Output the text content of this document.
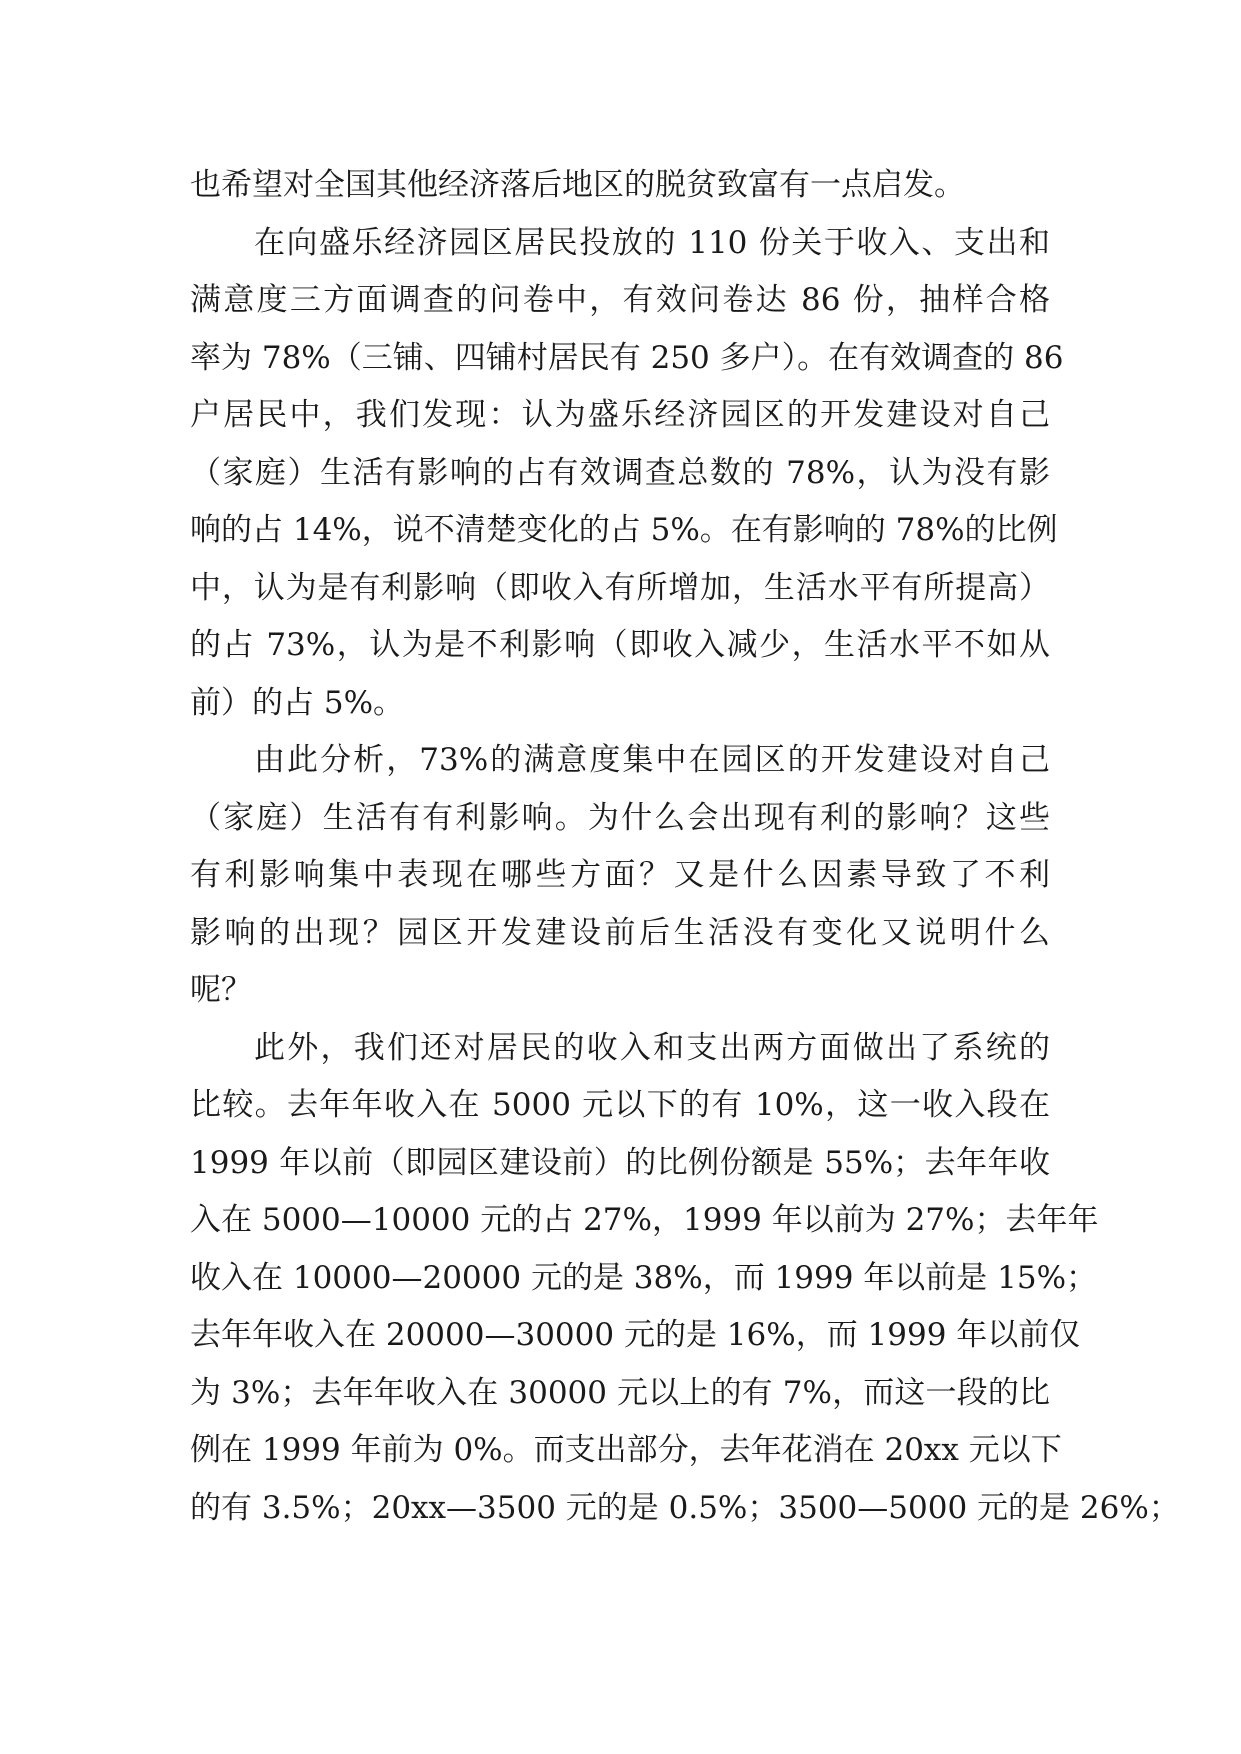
也希望对全国其他经济落后地区的脱贫致富有一点启发。
在向盛乐经济园区居民投放的 110 份关于收入、支出和
满意度三方面调查的问卷中，有效问卷达 86 份，抽样合格
率为 78%（三铺、四铺村居民有 250 多户）。在有效调查的 86
户居民中，我们发现：认为盛乐经济园区的开发建设对自己
（家庭）生活有影响的占有效调查总数的 78%，认为没有影
响的占 14%，说不清楚变化的占 5%。在有影响的 78%的比例
中，认为是有利影响（即收入有所增加，生活水平有所提高）
的占 73%，认为是不利影响（即收入减少，生活水平不如从
前）的占 5%。
由此分析，73%的满意度集中在园区的开发建设对自己
（家庭）生活有有利影响。为什么会出现有利的影响？这些
有利影响集中表现在哪些方面？又是什么因素导致了不利
影响的出现？园区开发建设前后生活没有变化又说明什么
呢？
此外，我们还对居民的收入和支出两方面做出了系统的
比较。去年年收入在 5000 元以下的有 10%，这一收入段在
1999 年以前（即园区建设前）的比例份额是 55%；去年年收
入在 5000—10000 元的占 27%，1999 年以前为 27%；去年年
收入在 10000—20000 元的是 38%，而 1999 年以前是 15%；
去年年收入在 20000—30000 元的是 16%，而 1999 年以前仅
为 3%；去年年收入在 30000 元以上的有 7%，而这一段的比
例在 1999 年前为 0%。而支出部分，去年花消在 20xx 元以下
的有 3.5%；20xx—3500 元的是 0.5%；3500—5000 元的是 26%；
